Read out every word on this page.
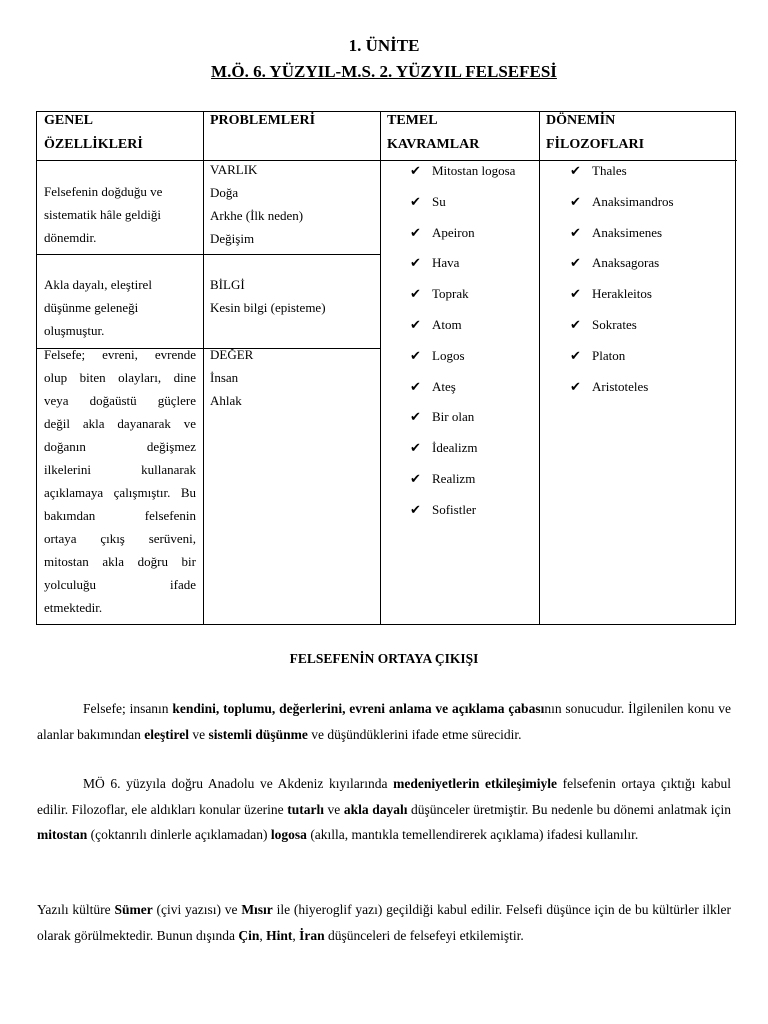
1. ÜNİTE
M.Ö. 6. YÜZYIL-M.S. 2. YÜZYIL FELSEFESİ
GENEL
ÖZELLİKLERİ
PROBLEMLERİ	TEMEL
KAVRAMLAR
DÖNEMİN
FİLOZOFLARI
Felsefenin doğduğu ve
sistematik hâle geldiği
dönemdir.
Akla dayalı, eleştirel
düşünme geleneği
oluşmuştur.
Felsefe; evreni, evrende
olup biten olayları, dine
veya doğaüstü güçlere
değil akla dayanarak ve
doğanın değişmez
ilkelerini kullanarak
açıklamaya çalışmıştır. Bu
bakımdan felsefenin
ortaya çıkış serüveni,
mitostan akla doğru bir
yolculuğu ifade
etmektedir.
VARLIK
Doğa
Arkhe (İlk neden)
Değişim
BİLGİ
Kesin bilgi (episteme)
DEĞER
İnsan
Ahlak
✔ Mitostan logosa
✔ Su
✔ Apeiron
✔ Hava
✔ Toprak
✔ Atom
✔ Logos
✔ Ateş
✔ Bir olan
✔ İdealizm
✔ Realizm
✔ Sofistler
✔ Thales
✔ Anaksimandros
✔ Anaksimenes
✔ Anaksagoras
✔ Herakleitos
✔ Sokrates
✔ Platon
✔ Aristoteles
FELSEFENİN ORTAYA ÇIKIŞI

Felsefe; insanın kendini, toplumu, değerlerini, evreni anlama ve açıklama çabasının sonucudur. İlgilenilen konu ve alanlar bakımından eleştirel ve sistemli düşünme ve düşündüklerini ifade etme sürecidir.

MÖ 6. yüzyıla doğru Anadolu ve Akdeniz kıyılarında medeniyetlerin etkileşimiyle felsefenin ortaya çıktığı kabul edilir. Filozoflar, ele aldıkları konular üzerine tutarlı ve akla dayalı düşünceler üretmiştir. Bu nedenle bu dönemi anlatmak için mitostan (çoktanrılı dinlerle açıklamadan) logosa (akılla, mantıkla temellendirerek açıklama) ifadesi kullanılır.

Yazılı kültüre Sümer (çivi yazısı) ve Mısır ile (hiyeroglif yazı) geçildiği kabul edilir. Felsefi düşünce için de bu kültürler ilkler olarak görülmektedir. Bunun dışında Çin, Hint, İran düşünceleri de felsefeyi etkilemiştir.
